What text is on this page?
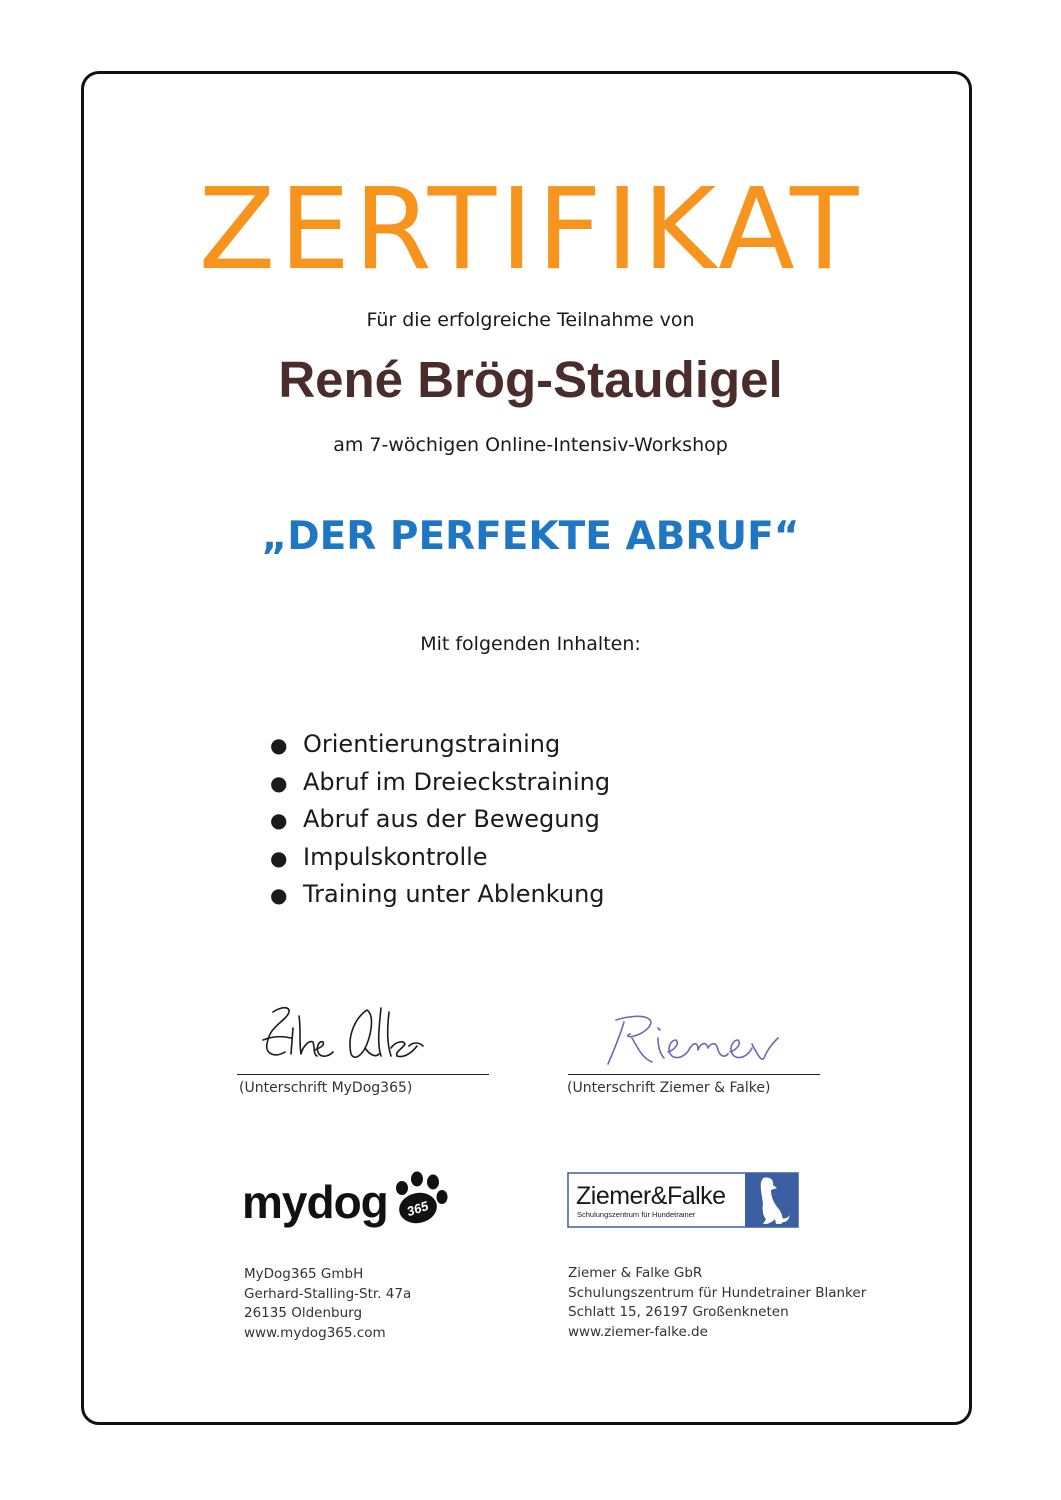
ZERTIFIKAT
Für die erfolgreiche Teilnahme von
René Brög-Staudigel
am 7-wöchigen Online-Intensiv-Workshop
„DER PERFEKTE ABRUF“
Mit folgenden Inhalten:
● Orientierungstraining
● Abruf im Dreieckstraining
● Abruf aus der Bewegung
● Impulskontrolle
● Training unter Ablenkung
(Unterschrift MyDog365)	(Unterschrift Ziemer & Falke)
mydog 365	Ziemer&Falke
Schulungszentrum für Hundetrainer
MyDog365 GmbH
Gerhard-Stalling-Str. 47a
26135 Oldenburg
www.mydog365.com
Ziemer & Falke GbR
Schulungszentrum für Hundetrainer Blanker
Schlatt 15, 26197 Großenkneten
www.ziemer-falke.de
